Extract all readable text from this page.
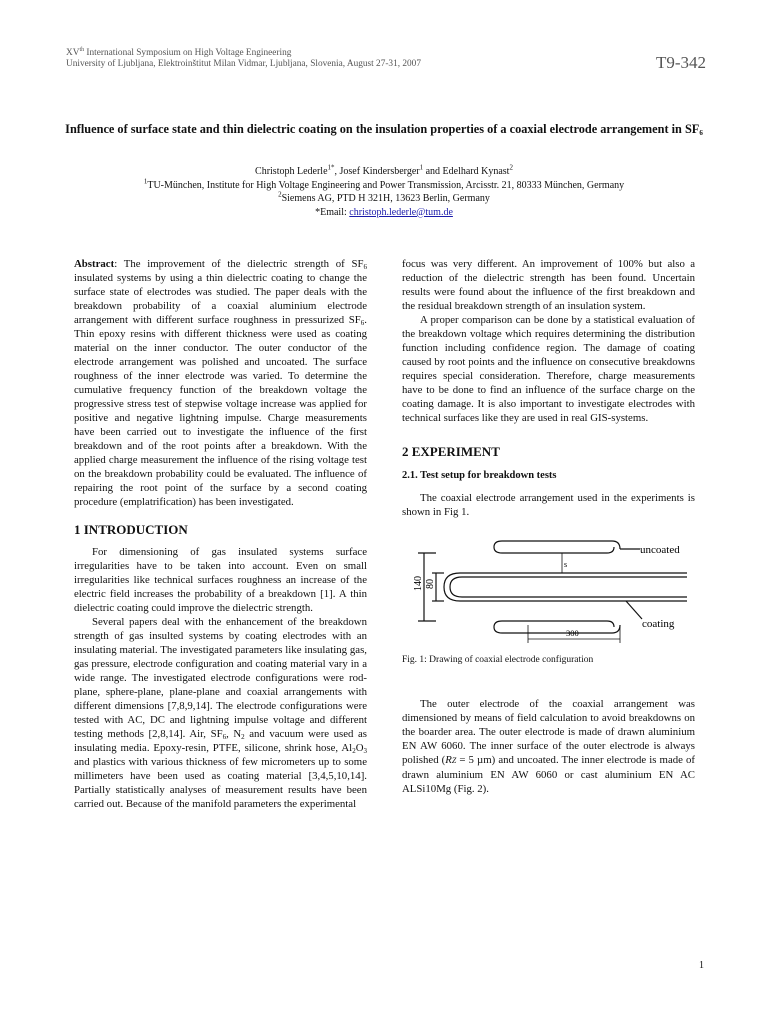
XVth International Symposium on High Voltage Engineering
University of Ljubljana, Elektroinštitut Milan Vidmar, Ljubljana, Slovenia, August 27-31, 2007	T9-342
Influence of surface state and thin dielectric coating on the insulation properties of a coaxial electrode arrangement in $SF_6$
Christoph Lederle$^{1*}$, Josef Kindersberger$^1$ and Edelhard Kynast$^2$
$^1$TU-München, Institute for High Voltage Engineering and Power Transmission, Arcisstr. 21, 80333 München, Germany
$^2$Siemens AG, PTD H 321H, 13623 Berlin, Germany
*Email: christoph.lederle@tum.de

Abstract: The improvement of the dielectric strength of $SF_6$ insulated systems by using a thin dielectric coating to change the surface state of electrodes was studied. The paper deals with the breakdown probability of a coaxial aluminium electrode arrangement with different surface roughness in pressurized $SF_6$. Thin epoxy resins with different thickness were used as coating material on the inner conductor. The outer conductor of the electrode arrangement was polished and uncoated. The surface roughness of the inner electrode was varied. To determine the cumulative frequency function of the breakdown voltage the progressive stress test of stepwise voltage increase was applied for positive and negative lightning impulse. Charge measurements have been carried out to investigate the influence of the first breakdown and of the root points after a breakdown. With the applied charge measurement the influence of the rising voltage test on the breakdown probability could be evaluated. The influence of repairing the root point of the surface by a second coating procedure (emplatrification) has been investigated.

1 INTRODUCTION

For dimensioning of gas insulated systems surface irregularities have to be taken into account. Even on small irregularities like technical surfaces roughness an increase of the electric field increases the probability of a breakdown [1]. A thin dielectric coating could improve the dielectric strength.

Several papers deal with the enhancement of the breakdown strength of gas insulted systems by coating electrodes with an insulating material. The investigated parameters like insulating gas, gas pressure, electrode configuration and coating material vary in a wide range. The investigated electrode configurations were rod-plane, sphere-plane, plane-plane and coaxial arrangements with different dimensions [7,8,9,14]. The electrode configurations were tested with AC, DC and lightning impulse voltage and different testing methods [2,8,14]. Air, $SF_6$, $N_2$ and vacuum were used as insulating media. Epoxy-resin, PTFE, silicone, shrink hose, $Al_2O_3$ and plastics with various thickness of few micrometers up to some millimeters have been used as coating material [3,4,5,10,14]. Partially statistically analyses of measurement results have been carried out. Because of the manifold parameters the experimental

focus was very different. An improvement of 100% but also a reduction of the dielectric strength has been found. Uncertain results were found about the influence of the first breakdown and the residual breakdown strength of an insulation system.

A proper comparison can be done by a statistical evaluation of the breakdown voltage which requires determining the distribution function including confidence region. The damage of coating caused by root points and the influence on consecutive breakdowns requires special consideration. Therefore, charge measurements have to be done to find an influence of the surface charge on the coating damage. It is also important to investigate electrodes with technical surfaces like they are used in real GIS-systems.

2 EXPERIMENT
2.1. Test setup for breakdown tests

The coaxial electrode arrangement used in the experiments is shown in Fig 1.

uncoated
coating
140 80
s
300
Fig. 1: Drawing of coaxial electrode configuration

The outer electrode of the coaxial arrangement was dimensioned by means of field calculation to avoid breakdowns on the boarder area. The outer electrode is made of drawn aluminium EN AW 6060. The inner surface of the outer electrode is always polished (RZ = 5 µm) and uncoated. The inner electrode is made of drawn aluminium EN AW 6060 or cast aluminium EN AC ALSi10Mg (Fig. 2).

1
